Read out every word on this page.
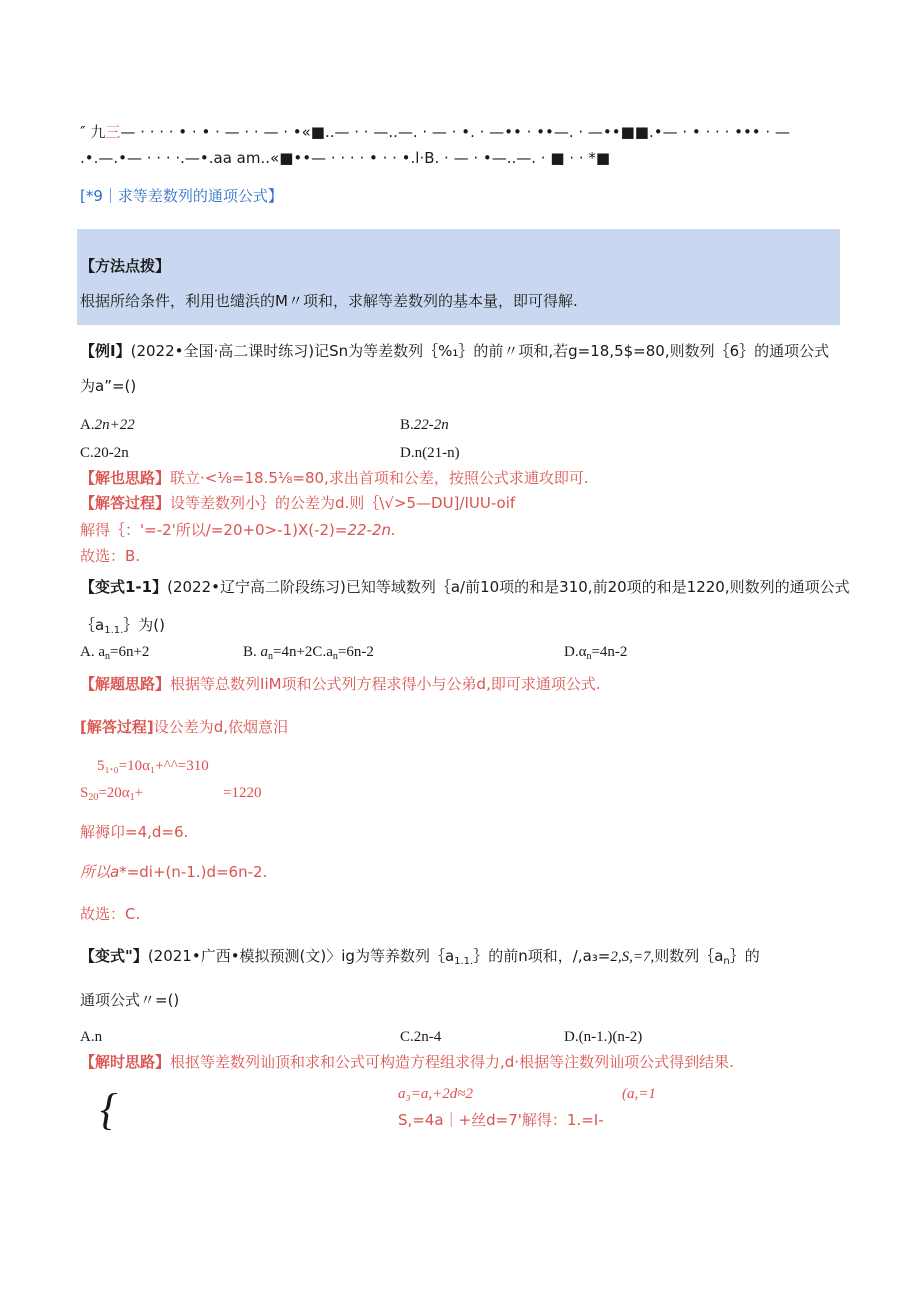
″ 九三— · · · · • · • · — · · — · •«■..— · · —..—. · — · •. · —•• · ••—. · —••■■.•— · • · · · ••• · —
.•.—.•— · · · ·.—•.aa am..«■••— · · · · • · · •.l·B. · — · •—..—. · ■ · · *■
[*9｜求等差数列的通项公式】
【方法点拨】
根据所给条件，利用也缱浜的M〃项和，求解等差数列的基本量，即可得解.
【例I】(2022•全国·高二课时练习)记Sn为等差数列｛%₁｝的前〃项和,若g=18,5$=80,则数列｛6｝的通项公式
为a”=()
A.2n+22	B.22-2n
C.20-2n	D.n(21-n)
【解也思路】联立·<⅛=18.5⅛=80,求出首项和公差，按照公式求逋攻即可.
【解答过程】设等差数列小｝的公差为d.则｛\√>5—DU]/IUU-oif
解得｛：'=-2'所以/=20+0>-1)X(-2)=22-2n.
故选：B.
【变式1-1】(2022•辽宁高二阶段练习)已知等域数列｛a/前10项的和是310,前20项的和是1220,则数列的通项公式
$\{a_{1.1.}\}$为()
A. $a_n=6n+2$	B. $a_n=4n+2C.a_n=6n-2$	$D.\alpha_n=4n-2$
【解题思路】根据等总数列IiM项和公式列方程求得小与公弟d,即可求通项公式.
[解答过程]设公差为d,依烟意汨
5₁.₀=10α₁+^^=310
$S_{20}=20\alpha_1+$	=1220
解褥卬=4,d=6.
所以a*=di+(n-1.)d=6n-2.
故选：C.
【变式"】(2021•广西•模拟预测(文)〉ig为等养数列$\{a_{1.1.}\}$的前n项和，/,a₃=2,S,=7,则数列$\{a_n\}$的
通项公式〃=()
A.n	C.2n-4	D.(n-1.)(n-2)
【解时思路】根抠等差数列讪顶和求和公式可构造方程组求得力,d·根据等注数列讪项公式得到结果.
{	a₃=a,+2d≈2	(a,=1
S,=4a｜+丝d=7'解得：1.=I-
